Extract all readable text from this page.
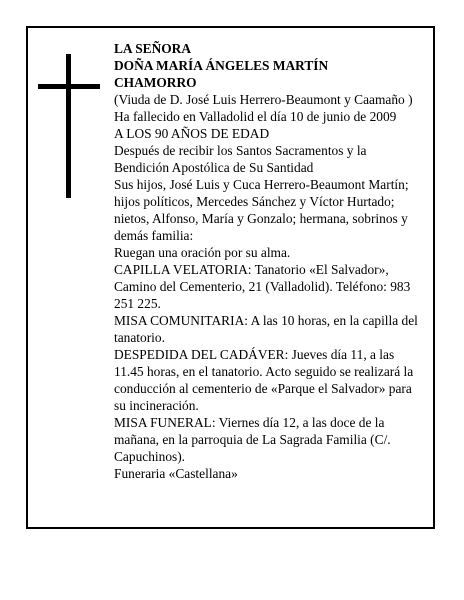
LA SEÑORA
DOÑA MARÍA ÁNGELES MARTÍN
CHAMORRO
(Viuda de D. José Luis Herrero-Beaumont y Caamaño )
Ha fallecido en Valladolid el día 10 de junio de 2009
A LOS 90 AÑOS DE EDAD
Después de recibir los Santos Sacramentos y la
Bendición Apostólica de Su Santidad
Sus hijos, José Luis y Cuca Herrero-Beaumont Martín; hijos políticos, Mercedes Sánchez y Víctor Hurtado; nietos, Alfonso, María y Gonzalo; hermana, sobrinos y demás familia:
Ruegan una oración por su alma.
CAPILLA VELATORIA: Tanatorio «El Salvador», Camino del Cementerio, 21 (Valladolid). Teléfono: 983 251 225.
MISA COMUNITARIA: A las 10 horas, en la capilla del tanatorio.
DESPEDIDA DEL CADÁVER: Jueves día 11, a las 11.45 horas, en el tanatorio. Acto seguido se realizará la conducción al cementerio de «Parque el Salvador» para su incineración.
MISA FUNERAL: Viernes día 12, a las doce de la mañana, en la parroquia de La Sagrada Familia (C/. Capuchinos).
Funeraria «Castellana»
